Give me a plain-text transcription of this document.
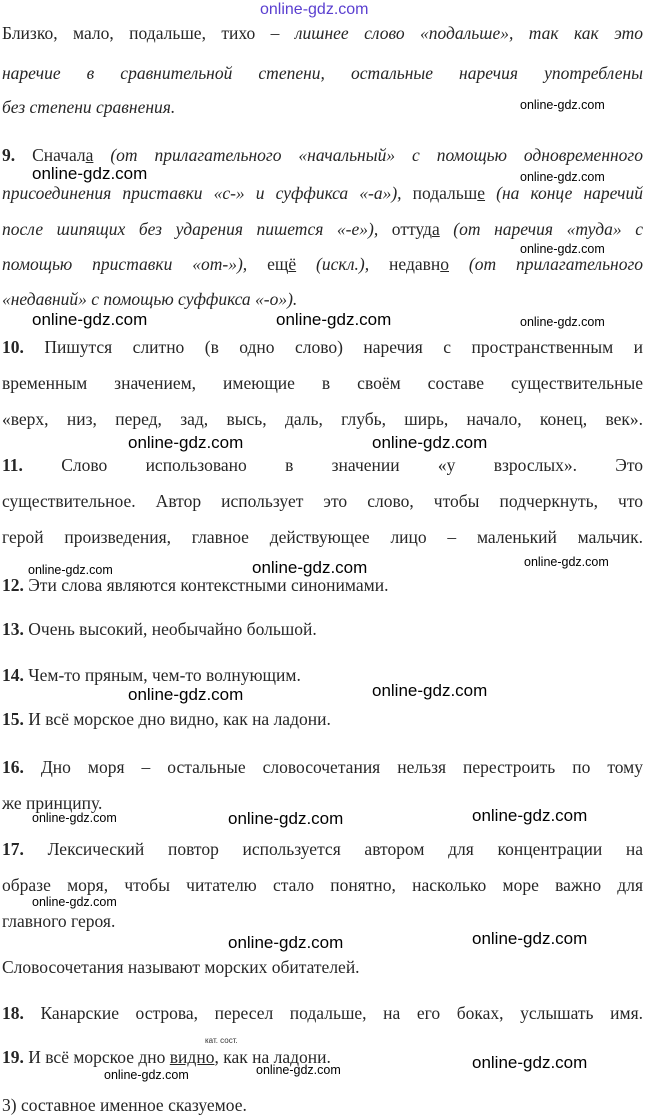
Близко, мало, подальше, тихо – лишнее слово «подальше», так как это

наречие в сравнительной степени, остальные наречия употреблены

без степени сравнения.

9. Сначала (от прилагательного «начальный» с помощью одновременного

присоединения приставки «с-» и суффикса «-а»), подальше (на конце наречий

после шипящих без ударения пишется «-е»), оттуда (от наречия «туда» с

помощью приставки «от-»), ещё (искл.), недавно (от прилагательного

«недавний» с помощью суффикса «-о»).

10. Пишутся слитно (в одно слово) наречия с пространственным и

временным значением, имеющие в своём составе существительные

«верх, низ, перед, зад, высь, даль, глубь, ширь, начало, конец, век».

11. Слово использовано в значении «у взрослых». Это

существительное. Автор использует это слово, чтобы подчеркнуть, что

герой произведения, главное действующее лицо – маленький мальчик.

12. Эти слова являются контекстными синонимами.

13. Очень высокий, необычайно большой.

14. Чем-то пряным, чем-то волнующим.

15. И всё морское дно видно, как на ладони.

16. Дно моря – остальные словосочетания нельзя перестроить по тому

же принципу.

17. Лексический повтор используется автором для концентрации на

образе моря, чтобы читателю стало понятно, насколько море важно для

главного героя.

Словосочетания называют морских обитателей.

18. Канарские острова, пересел подальше, на его боках, услышать имя.

кат. сост.

19. И всё морское дно видно, как на ладони.

3) составное именное сказуемое.

online-gdz.com
online-gdz.com
online-gdz.com	online-gdz.com
online-gdz.com
online-gdz.com	online-gdz.com	online-gdz.com
online-gdz.com	online-gdz.com
online-gdz.com
online-gdz.com
online-gdz.com
online-gdz.com
online-gdz.com
online-gdz.com
online-gdz.com
online-gdz.com
online-gdz.com
online-gdz.com
online-gdz.com
online-gdz.com
online-gdz.com
online-gdz.com
